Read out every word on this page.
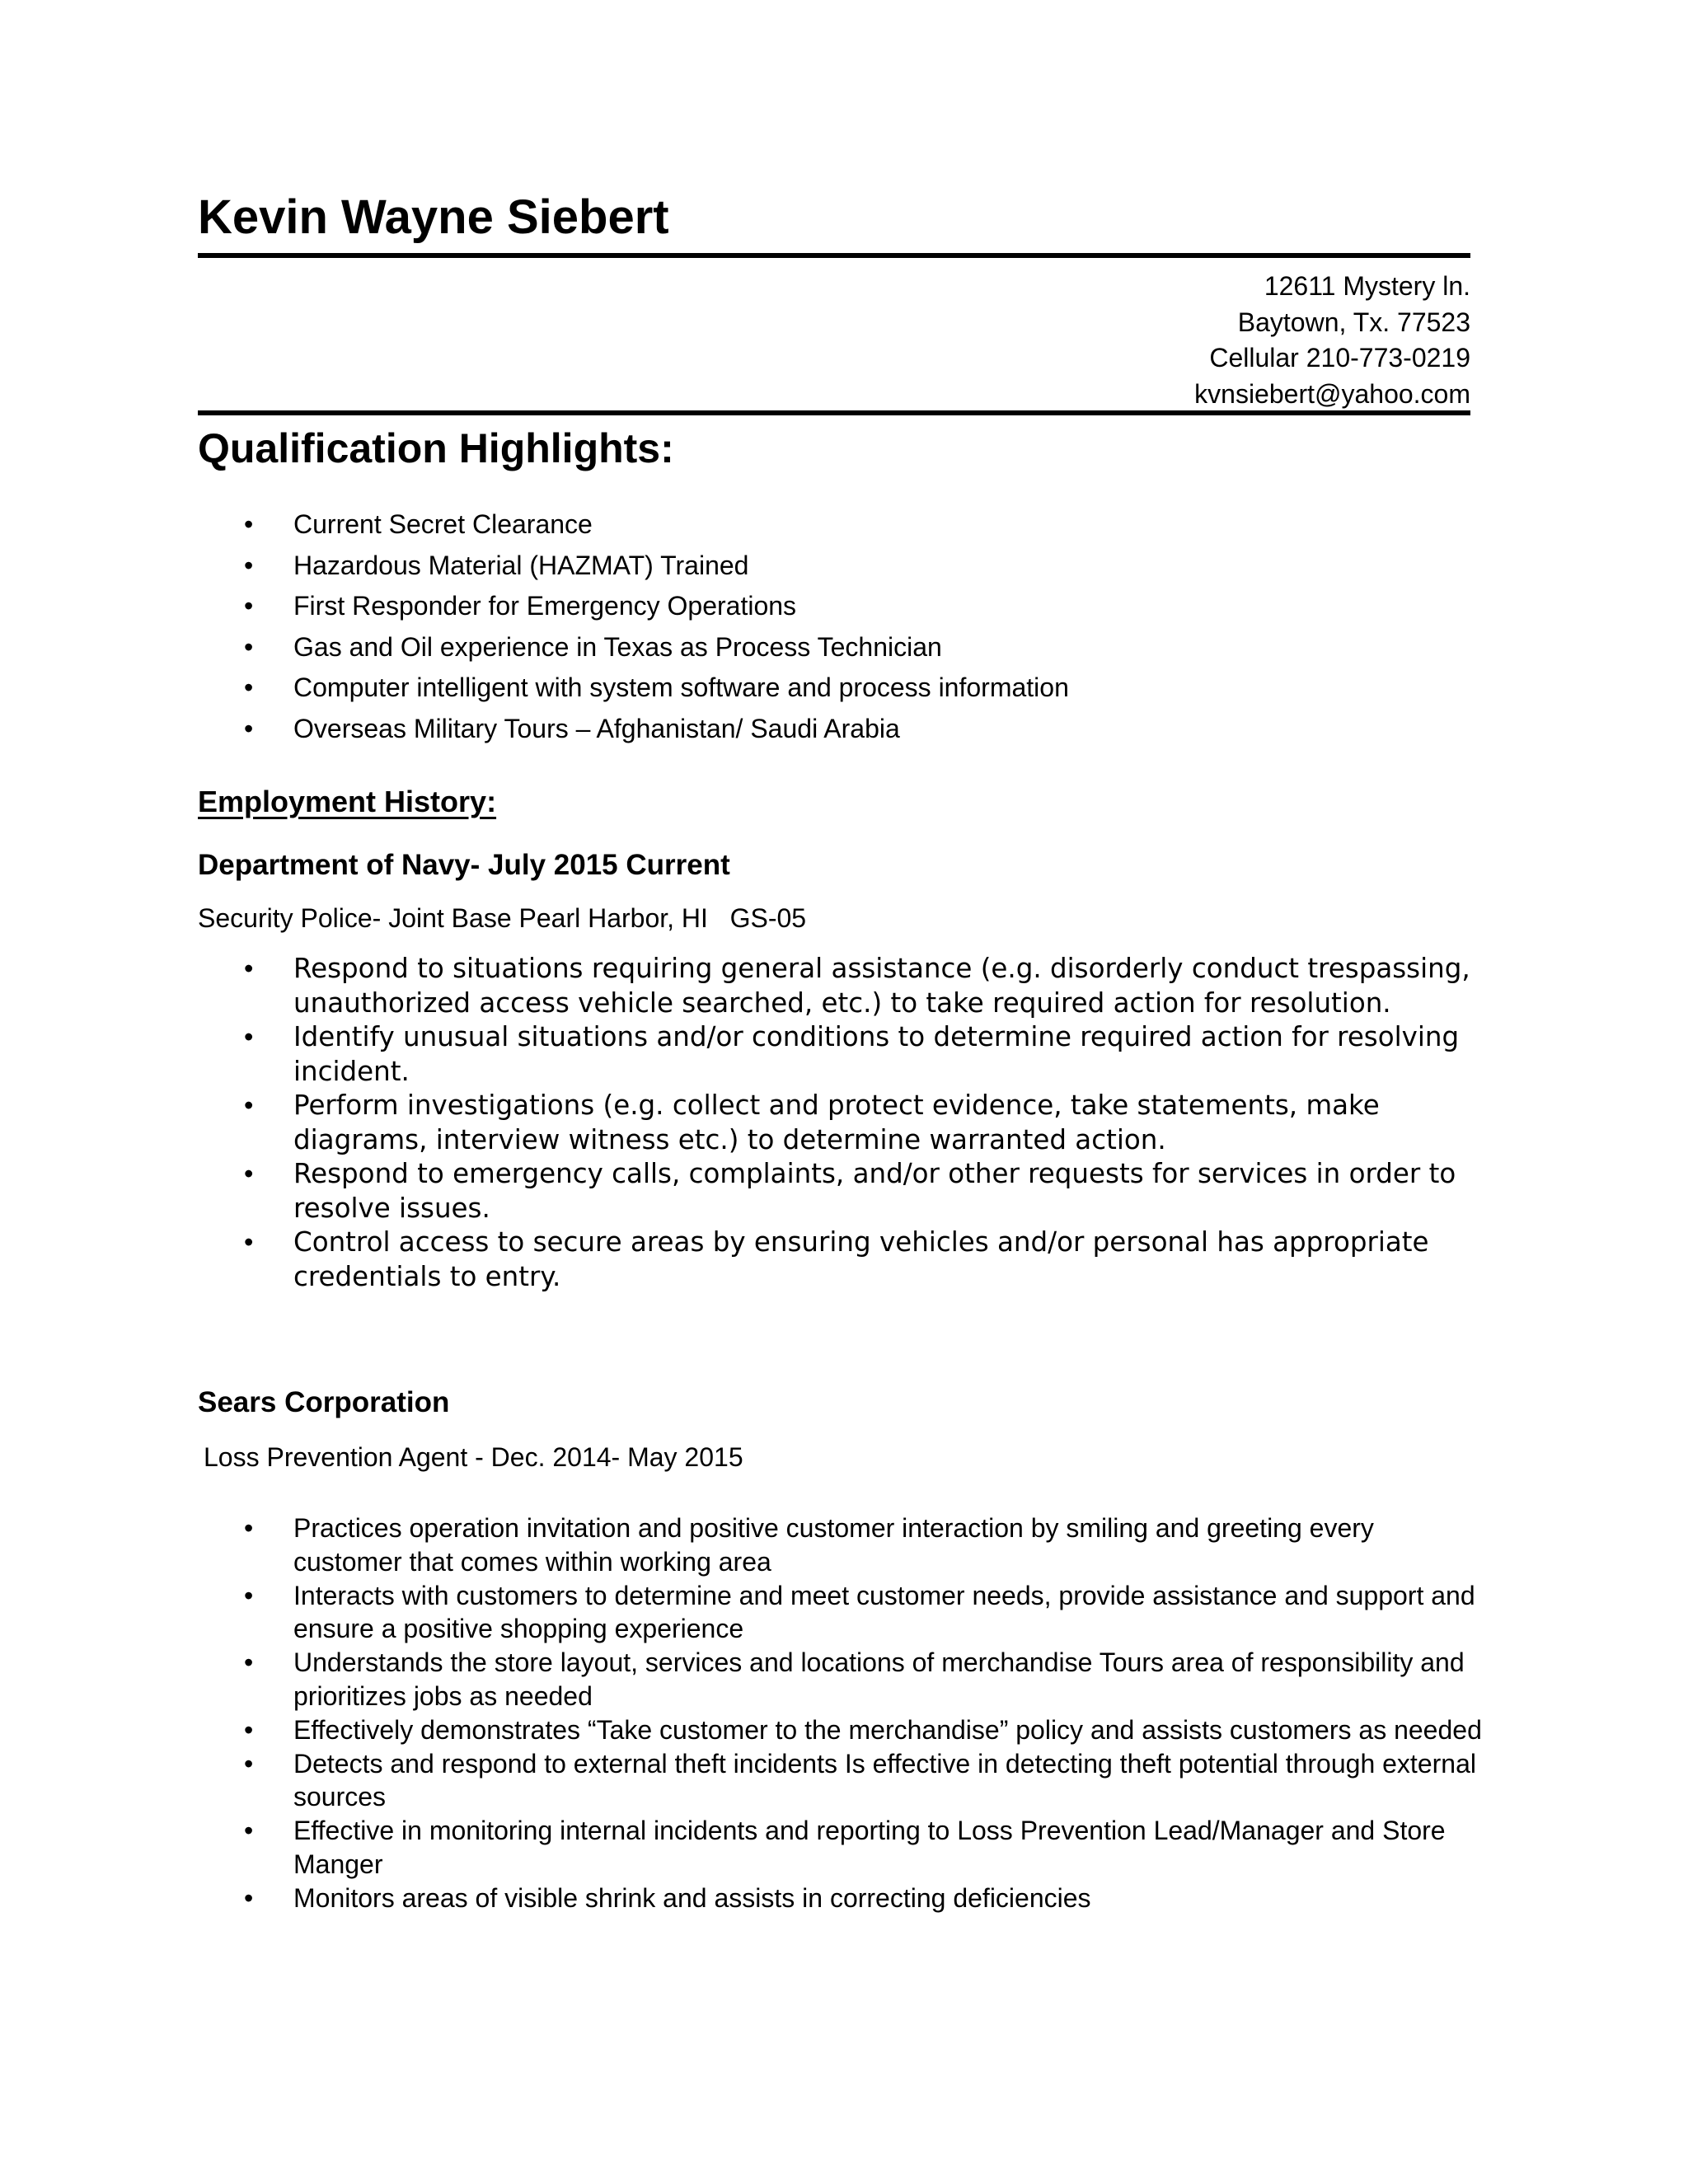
Kevin Wayne Siebert
12611 Mystery ln.
Baytown, Tx. 77523
Cellular 210-773-0219
kvnsiebert@yahoo.com
Qualification Highlights:
• Current Secret Clearance
• Hazardous Material (HAZMAT) Trained
• First Responder for Emergency Operations
• Gas and Oil experience in Texas as Process Technician
• Computer intelligent with system software and process information
• Overseas Military Tours – Afghanistan/ Saudi Arabia
Employment History:
Department of Navy- July 2015 Current
Security Police- Joint Base Pearl Harbor, HI   GS-05
• Respond to situations requiring general assistance (e.g. disorderly conduct trespassing, unauthorized access vehicle searched, etc.) to take required action for resolution.
• Identify unusual situations and/or conditions to determine required action for resolving incident.
• Perform investigations (e.g. collect and protect evidence, take statements, make diagrams, interview witness etc.) to determine warranted action.
• Respond to emergency calls, complaints, and/or other requests for services in order to resolve issues.
• Control access to secure areas by ensuring vehicles and/or personal has appropriate credentials to entry.
Sears Corporation
Loss Prevention Agent - Dec. 2014- May 2015
• Practices operation invitation and positive customer interaction by smiling and greeting every customer that comes within working area
• Interacts with customers to determine and meet customer needs, provide assistance and support and ensure a positive shopping experience
• Understands the store layout, services and locations of merchandise Tours area of responsibility and prioritizes jobs as needed
• Effectively demonstrates “Take customer to the merchandise” policy and assists customers as needed
• Detects and respond to external theft incidents Is effective in detecting theft potential through external sources
• Effective in monitoring internal incidents and reporting to Loss Prevention Lead/Manager and Store Manger
• Monitors areas of visible shrink and assists in correcting deficiencies
